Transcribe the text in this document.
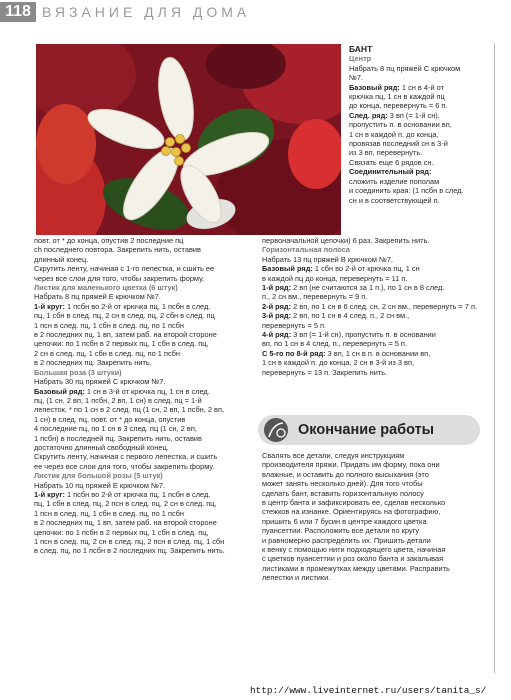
118 ВЯЗАНИЕ ДЛЯ ДОМА

повт. от * до конца, опустив 2 последние пц

ch последнего повтора. Закрепить нить, оставив

длинный конец.

Скрутить ленту, начиная с 1-го лепестка, и сшить ее

через все слои для того, чтобы закрепить форму.

Листик для маленького цветка (6 штук)

Набрать 8 пц пряжей Е крючком №7.

1-й круг: 1 псбн во 2-й от крючка пц, 1 псбн в след.

пц, 1 сбн в след. пц, 2 сн в след. пц, 2 сбн в след. пц

1 псн в след. пц, 1 сбн в след. пц, по 1 псбн

в 2 последних пц, 1 вп, затем раб. на второй стороне

цепочки: по 1 псбн в 2 первых пц, 1 сбн в след. пц,

2 сн в след. пц, 1 сбн в след. пц, по 1 псбн

в 2 последних пц. Закрепить нить.

Большая роза (3 штуки)

Набрать 30 пц пряжей C крючком №7.

Базовый ряд: 1 сн в 3-й от крючка пц, 1 сн в след.

пц, (1 сн, 2 вп, 1 псбн, 2 вп, 1 сн) в след. пц = 1-й

лепесток, * по 1 сн в 2 след. пц (1 сн, 2 вп, 1 псбн, 2 вп,

1 сн) в след. пц, повт. от * до конца, опустив

4 последние пц, по 1 сн в 3 след. пц (1 сн, 2 вп,

1 псбн) в последней пц. Закрепить нить, оставив

достаточно длинный свободный конец.

Скрутить ленту, начиная с первого лепестка, и сшить

ее через все слои для того, чтобы закрепить форму.

Листик для большой розы (5 штук)

Набрать 10 пц пряжей E крючком №7.

1-й круг: 1 псбн во 2-й от крючка пц, 1 псбн в след.

пц, 1 сбн в след. пц, 2 псн в след. пц, 2 сн в след. пц,

1 псн в след. пц, 1 сбн в след. пц, по 1 псбн

в 2 последних пц, 1 вп, затем раб. на второй стороне

цепочки: по 1 псбн в 2 первых пц, 1 сбн в след. пц,

1 псн в след. пц, 2 сн в след. пц, 2 псн в след. пц, 1 сбн

в след. пц, по 1 псбн в 2 последних пц. Закрепить нить.

БАНТ

Центр

Набрать 8 пц пряжей C крючком

№7.

Базовый ряд: 1 сн в 4-й от

крючка пц, 1 сн в каждой пц

до конца, перевернуть = 6 п.

След. ряд: 3 вп (= 1-й сн),

пропустить п. в основании вп,

1 сн в каждой п. до конца,

провязав последний сн в 3-й

из 3 вп, перевернуть.

Связать еще 6 рядов сн.

Соединительный ряд:

сложить изделие пополам

и соединить края: (1 псбн в след.

сн и в соответствующей п.

первоначальной цепочки) 6 раз. Закрепить нить.

Горизонтальная полоса

Набрать 13 пц пряжей B крючком №7.

Базовый ряд: 1 сбн во 2-й от крючка пц, 1 сн

в каждой пц до конца, перевернуть = 11 п.

1-й ряд: 2 вп (не считаются за 1 п.), по 1 сн в 8 след.

п., 2 сн вм., перевернуть = 9 п.

2-й ряд: 2 вп, по 1 сн в 6 след. сн, 2 сн вм., перевернуть = 7 п.

3-й ряд: 2 вп, по 1 сн в 4 след. п., 2 сн вм.,

перевернуть = 5 п.

4-й ряд: 3 вп (= 1-й сн), пропустить п. в основании

вп, по 1 сн в 4 след. п., перевернуть = 5 п.

С 5-го по 8-й ряд: 3 вп, 1 сн в п. в основании вп,

1 сн в каждой п. до конца, 2 сн в 3-й из 3 вп,

перевернуть = 13 п. Закрепить нить.

Окончание работы

Свалять все детали, следуя инструкциям

производителя пряжи. Придать им форму, пока они

влажные, и оставить до полного высыхания (это

может занять несколько дней). Для того чтобы

сделать бант, вставить горизонтальную полосу

в центр банта и зафиксировать ее, сделав несколько

стежков на изнанке. Ориентируясь на фотографию,

пришить 6 или 7 бусин в центре каждого цветка

пуансеттии. Расположить все детали по кругу

и равномерно распределить их. Пришить детали

к венку с помощью нити подходящего цвета, начиная

с цветков пуансеттии и роз около банта и закалывая

листиками в промежутках между цветами. Расправить

лепестки и листики.

http://www.liveinternet.ru/users/tanita_s/
